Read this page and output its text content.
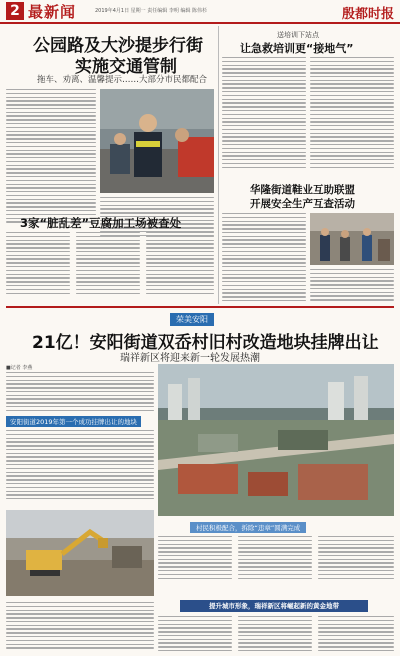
2 最新闻	2019年4月1日 星期一 责任编辑 李明 编辑 陈伟杉	殷都时报
公园路及大沙提步行街
实施交通管制
拖车、劝离、温馨提示……大部分市民都配合
送培训下站点
让急救培训更“接地气”
华隆街道鞋业互助联盟
开展安全生产互查活动
3家“脏乱差”豆腐加工场被查处
荣美安阳
21亿！安阳街道双岙村旧村改造地块挂牌出让
瑞祥新区将迎来新一轮发展热潮
■记者 李燕
安阳街道2019年第一个成功挂牌出让的地块
村民积极配合，拆除“违章”圆满完成
提升城市形象，瑞祥新区将崛起新的黄金地带
